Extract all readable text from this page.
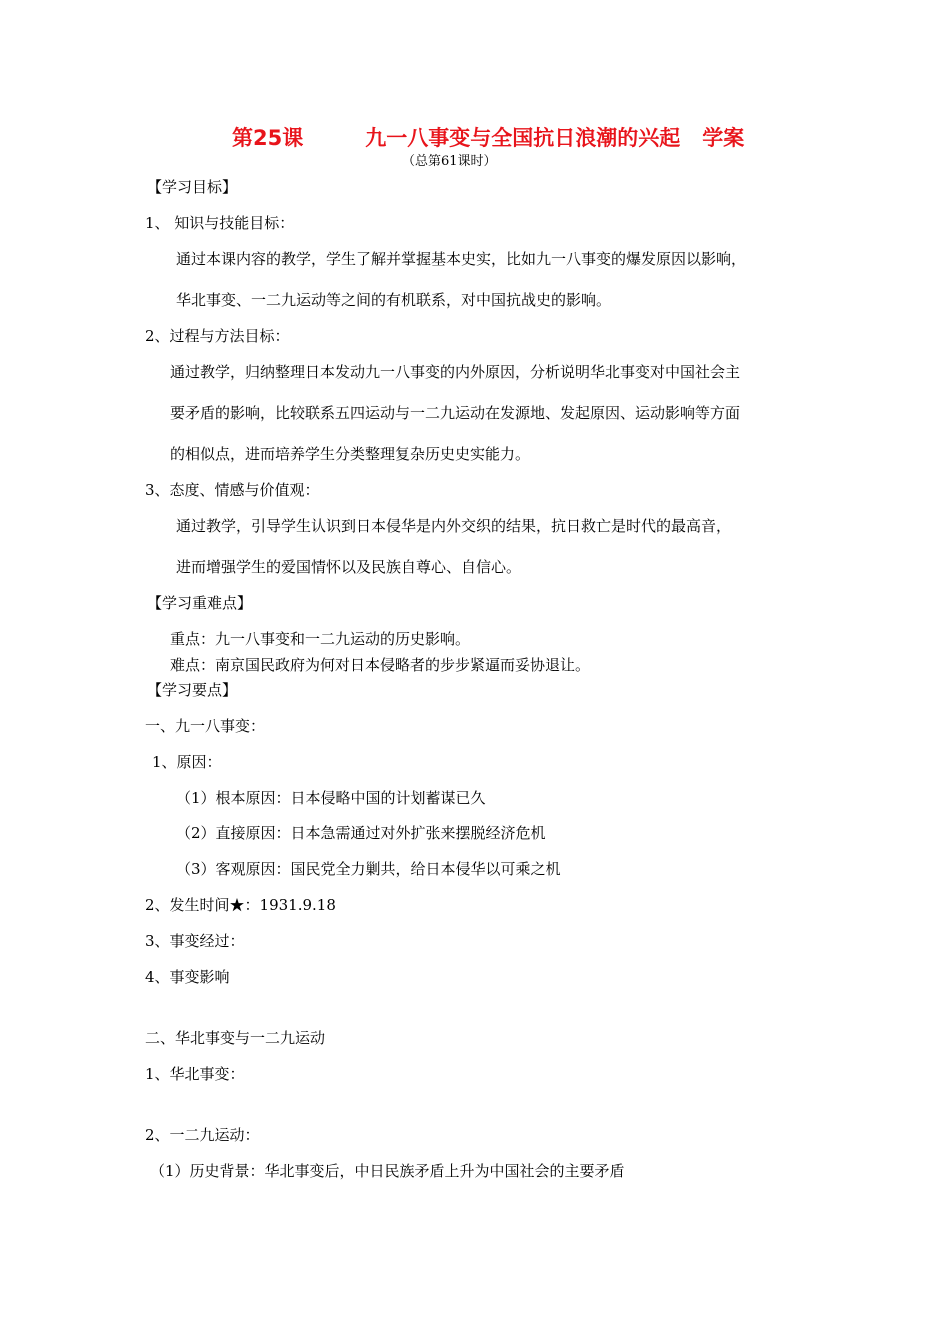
第25课	九一八事变与全国抗日浪潮的兴起 学案
（总第61课时）
【学习目标】
1、 知识与技能目标：
通过本课内容的教学，学生了解并掌握基本史实，比如九一八事变的爆发原因以影响，
华北事变、一二九运动等之间的有机联系，对中国抗战史的影响。
2、过程与方法目标：
通过教学，归纳整理日本发动九一八事变的内外原因，分析说明华北事变对中国社会主
要矛盾的影响，比较联系五四运动与一二九运动在发源地、发起原因、运动影响等方面
的相似点，进而培养学生分类整理复杂历史史实能力。
3、态度、情感与价值观：
通过教学，引导学生认识到日本侵华是内外交织的结果，抗日救亡是时代的最高音，
进而增强学生的爱国情怀以及民族自尊心、自信心。
【学习重难点】
重点：九一八事变和一二九运动的历史影响。
难点：南京国民政府为何对日本侵略者的步步紧逼而妥协退让。
【学习要点】
一、九一八事变：
1、原因：
（1）根本原因：日本侵略中国的计划蓄谋已久
（2）直接原因：日本急需通过对外扩张来摆脱经济危机
（3）客观原因：国民党全力剿共，给日本侵华以可乘之机
2、发生时间★：1931.9.18
3、事变经过：
4、事变影响
二、华北事变与一二九运动
1、华北事变：
2、一二九运动：
（1）历史背景：华北事变后，中日民族矛盾上升为中国社会的主要矛盾
